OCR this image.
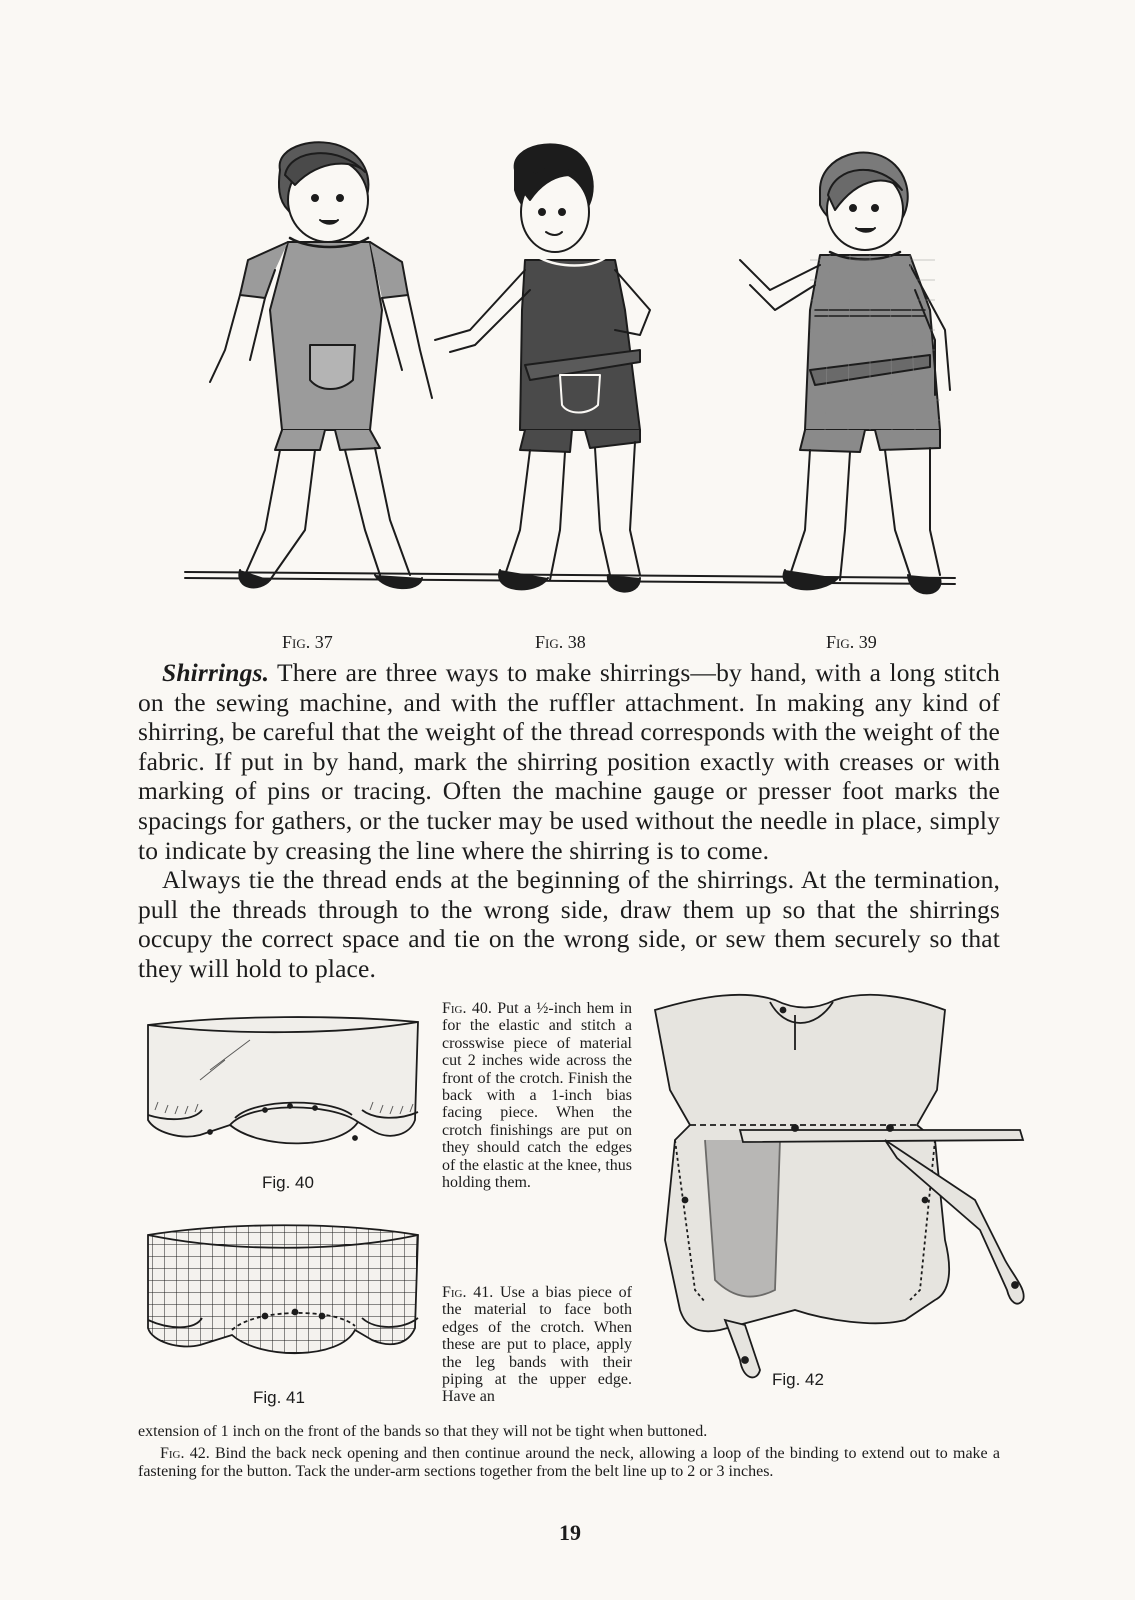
Fig. 37	Fig. 38	Fig. 39

Shirrings. There are three ways to make shirrings—by hand, with a long stitch on the sewing machine, and with the ruffler attachment. In making any kind of shirring, be careful that the weight of the thread corresponds with the weight of the fabric. If put in by hand, mark the shirring position exactly with creases or with marking of pins or tracing. Often the machine gauge or presser foot marks the spacings for gathers, or the tucker may be used without the needle in place, simply to indicate by creasing the line where the shirring is to come.

Always tie the thread ends at the beginning of the shirrings. At the termination, pull the threads through to the wrong side, draw them up so that the shirrings occupy the correct space and tie on the wrong side, or sew them securely so that they will hold to place.

Fig. 40
Fig. 41

Fig. 40. Put a ½-inch hem in for the elastic and stitch a crosswise piece of material cut 2 inches wide across the front of the crotch. Finish the back with a 1-inch bias facing piece. When the crotch finishings are put on they should catch the edges of the elastic at the knee, thus holding them.

Fig. 41. Use a bias piece of the material to face both edges of the crotch. When these are put to place, apply the leg bands with their piping at the upper edge. Have an

Fig. 42
extension of 1 inch on the front of the bands so that they will not be tight when buttoned.

Fig. 42. Bind the back neck opening and then continue around the neck, allowing a loop of the binding to extend out to make a fastening for the button. Tack the under-arm sections together from the belt line up to 2 or 3 inches.

19
